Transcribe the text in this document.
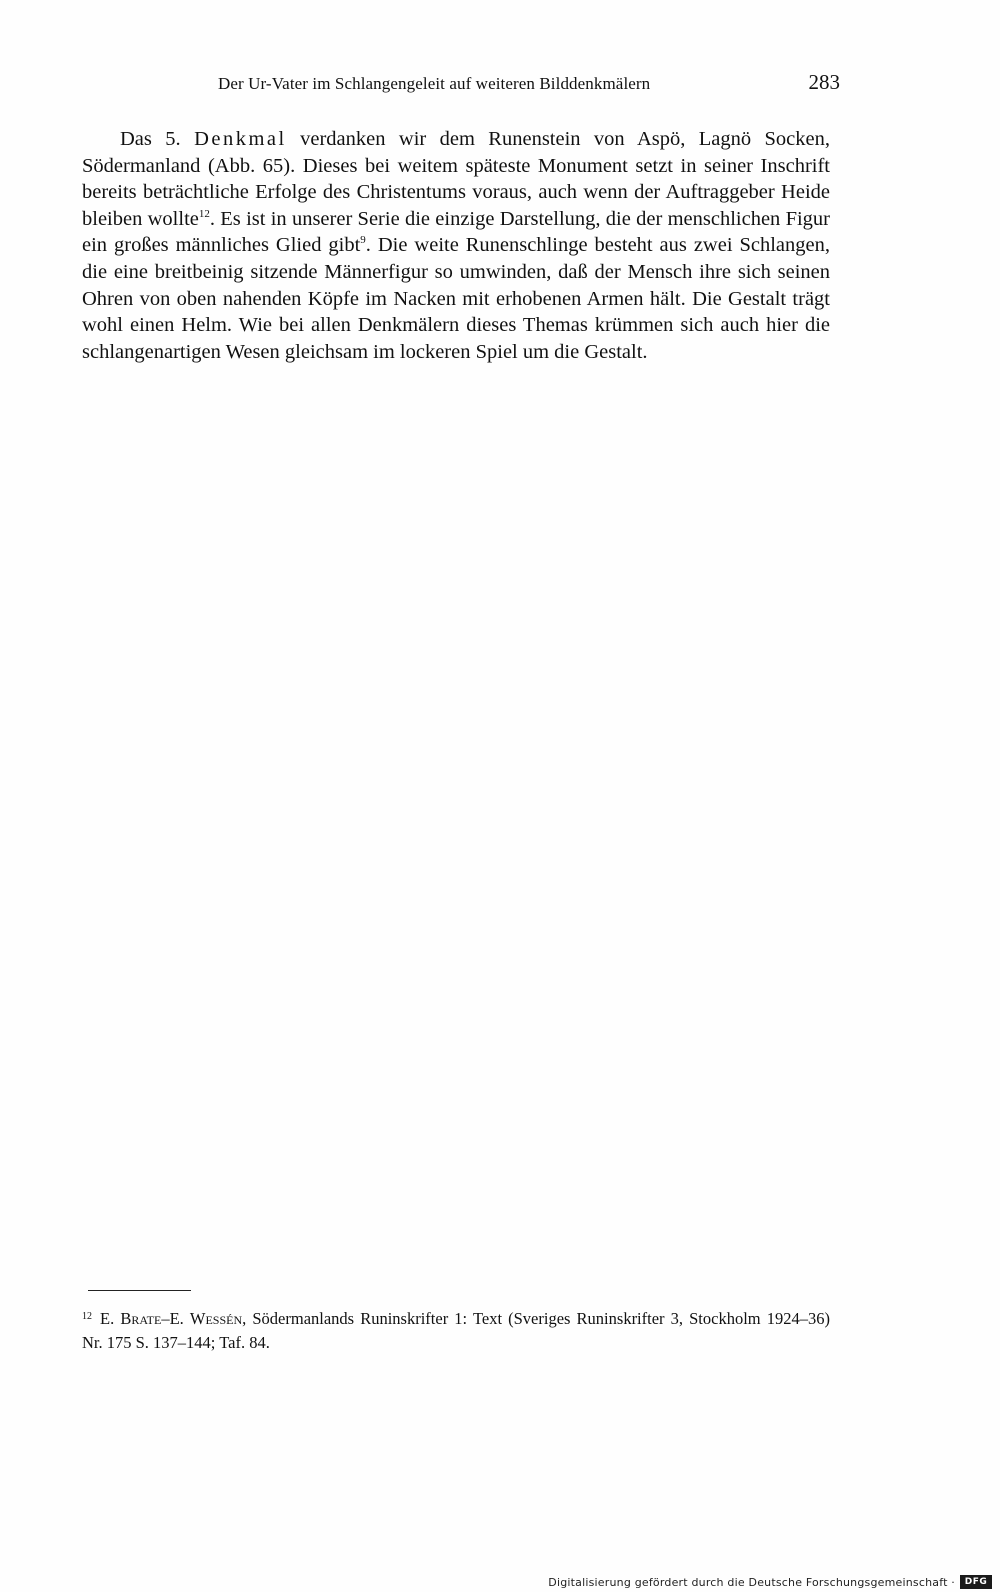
Der Ur-Vater im Schlangengeleit auf weiteren Bilddenkmälern	283

Das 5. Denkmal verdanken wir dem Runenstein von Aspö, Lagnö Socken, Södermanland (Abb. 65). Dieses bei weitem späteste Monument setzt in seiner Inschrift bereits beträchtliche Erfolge des Christentums voraus, auch wenn der Auftraggeber Heide bleiben wollte$^{12}$. Es ist in unserer Serie die einzige Darstellung, die der menschlichen Figur ein großes männliches Glied gibt$^9$. Die weite Runenschlinge besteht aus zwei Schlangen, die eine breitbeinig sitzende Männerfigur so umwinden, daß der Mensch ihre sich seinen Ohren von oben nahenden Köpfe im Nacken mit erhobenen Armen hält. Die Gestalt trägt wohl einen Helm. Wie bei allen Denkmälern dieses Themas krümmen sich auch hier die schlangenartigen Wesen gleichsam im lockeren Spiel um die Gestalt.

$^{12}$ E. Brate–E. Wessén, Södermanlands Runinskrifter 1: Text (Sveriges Runinskrifter 3, Stockholm 1924–36) Nr. 175 S. 137–144; Taf. 84.
Digitalisierung gefördert durch die Deutsche Forschungsgemeinschaft ·	DFG
